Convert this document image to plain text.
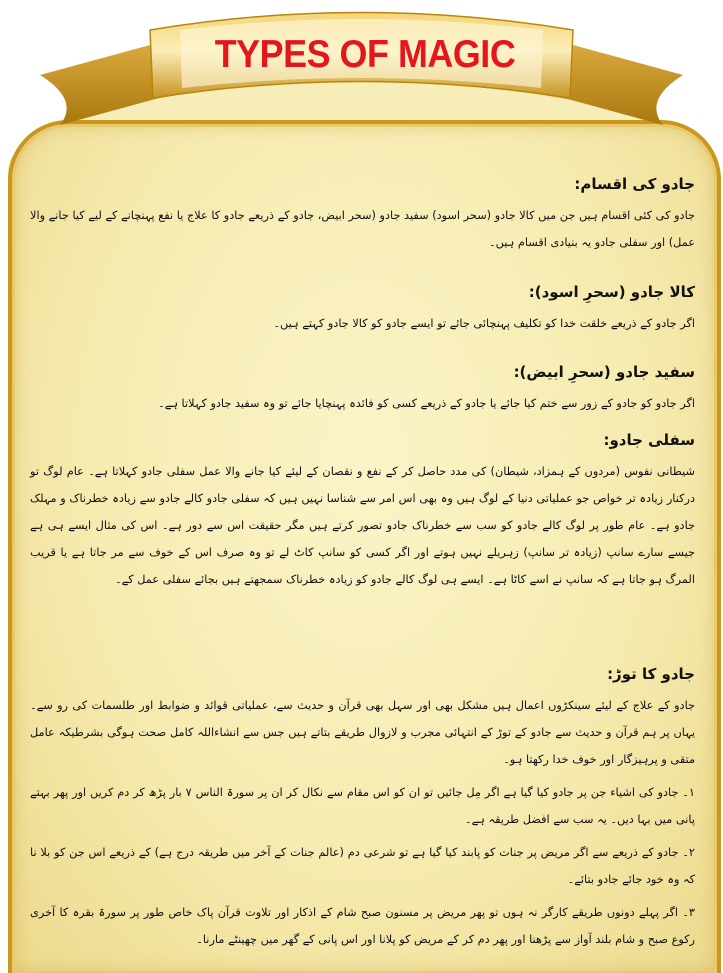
TYPES OF MAGIC
جادو کی اقسام:
جادو کی کئی اقسام ہیں جن میں کالا جادو (سحر اسود) سفید جادو (سحر ابیض، جادو کے ذریعے جادو کا علاج یا نفع پہنچانے کے لیے کیا جانے والا عمل) اور سفلی جادو یہ بنیادی اقسام ہیں۔
کالا جادو (سحرِ اسود):
اگر جادو کے ذریعے خلقت خدا کو تکلیف پہنچائی جائے تو ایسے جادو کو کالا جادو کہتے ہیں۔
سفید جادو (سحرِ ابیض):
اگر جادو کو جادو کے زور سے ختم کیا جائے یا جادو کے ذریعے کسی کو فائدہ پہنچایا جائے تو وہ سفید جادو کہلاتا ہے۔
سفلی جادو:
شیطانی نفوس (مردوں کے ہمزاد، شیطان) کی مدد حاصل کر کے نفع و نقصان کے لیئے کیا جانے والا عمل سفلی جادو کہلاتا ہے۔ عام لوگ تو درکنار زیادہ تر خواص جو عملیاتی دنیا کے لوگ ہیں وہ بھی اس امر سے شناسا نہیں ہیں کہ سفلی جادو کالے جادو سے زیادہ خطرناک و مہلک جادو ہے۔ عام طور پر لوگ کالے جادو کو سب سے خطرناک جادو تصور کرتے ہیں مگر حقیقت اس سے دور ہے۔ اس کی مثال ایسے ہی ہے جیسے سارے سانپ (زیادہ تر سانپ) زہریلے نہیں ہوتے اور اگر کسی کو سانپ کاٹ لے تو وہ صرف اس کے خوف سے مر جاتا ہے یا قریب المرگ ہو جاتا ہے کہ سانپ نے اسے کاٹا ہے۔ ایسے ہی لوگ کالے جادو کو زیادہ خطرناک سمجھتے ہیں بجائے سفلی عمل کے۔
جادو کا توڑ:
جادو کے علاج کے لیئے سینکڑوں اعمال ہیں مشکل بھی اور سہل بھی قرآن و حدیث سے، عملیاتی قوائد و ضوابط اور طلسمات کی رو سے۔ یہاں پر ہم قرآن و حدیث سے جادو کے توڑ کے انتہائی مجرب و لازوال طریقے بتاتے ہیں جس سے انشاءاللہ کامل صحت ہوگی بشرطیکہ عامل متقی و پرہیزگار اور خوف خدا رکھتا ہو۔
۱۔ جادو کی اشیاء جن پر جادو کیا گیا ہے اگر مِل جائیں تو ان کو اس مقام سے نکال کر ان پر سورۃ الناس ۷ بار پڑھ کر دم کریں اور پھر بہتے پانی میں بہا دیں۔ یہ سب سے افضل طریقہ ہے۔
۲۔ جادو کے ذریعے سے اگر مریض پر جنات کو پابند کیا گیا ہے تو شرعی دم (عالم جنات کے آخر میں طریقہ درج ہے) کے ذریعے اس جن کو بلا نا کہ وہ خود جائے جادو بتائے۔
۳۔ اگر پہلے دونوں طریقے کارگر نہ ہوں تو پھر مریض پر مسنون صبح شام کے اذکار اور تلاوت قرآن پاک خاص طور پر سورۃ بقرہ کا آخری رکوع صبح و شام بلند آواز سے پڑھنا اور پھر دم کر کے مریض کو پلانا اور اس پانی کے گھر میں چھینٹے مارنا۔
